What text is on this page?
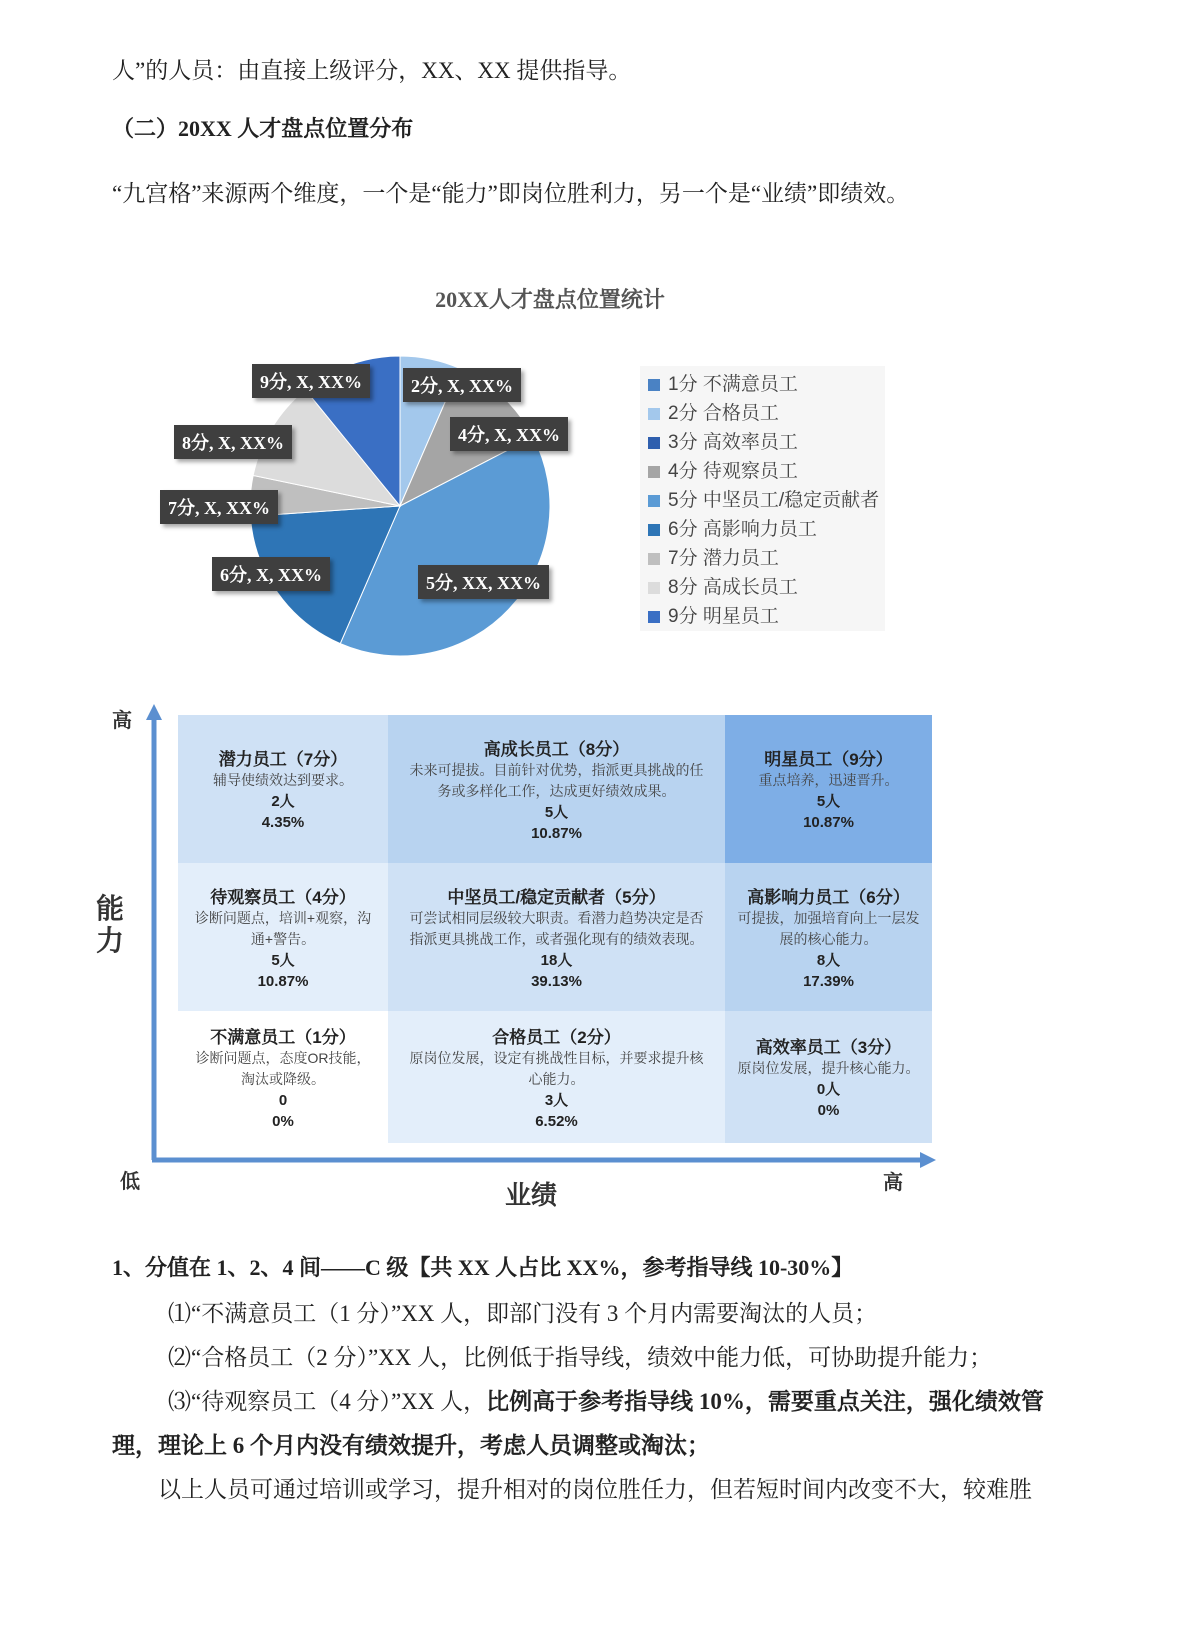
人”的人员：由直接上级评分，XX、XX 提供指导。
（二）20XX 人才盘点位置分布
“九宫格”来源两个维度，一个是“能力”即岗位胜利力，另一个是“业绩”即绩效。
20XX人才盘点位置统计
9分, X, XX%	2分, X, XX%
4分, X, XX%
8分, X, XX%
7分, X, XX%
6分, X, XX%	5分, XX, XX%
1分 不满意员工
2分 合格员工
3分 高效率员工
4分 待观察员工
5分 中坚员工/稳定贡献者
6分 高影响力员工
7分 潜力员工
8分 高成长员工
9分 明星员工
高
能力
低	高
业绩
潜力员工（7分）
辅导使绩效达到要求。
2人
4.35%
高成长员工（8分）
未来可提拔。目前针对优势，指派更具挑战的任
务或多样化工作，达成更好绩效成果。
5人
10.87%
明星员工（9分）
重点培养，迅速晋升。
5人
10.87%
待观察员工（4分）
诊断问题点，培训+观察，沟
通+警告。
5人
10.87%
中坚员工/稳定贡献者（5分）
可尝试相同层级较大职责。看潜力趋势决定是否
指派更具挑战工作，或者强化现有的绩效表现。
18人
39.13%
高影响力员工（6分）
可提拔，加强培育向上一层发
展的核心能力。
8人
17.39%
不满意员工（1分）
诊断问题点，态度OR技能，
淘汰或降级。
0
0%
合格员工（2分）
原岗位发展，设定有挑战性目标，并要求提升核
心能力。
3人
6.52%
高效率员工（3分）
原岗位发展，提升核心能力。
0人
0%
1、分值在 1、2、4 间——C 级【共 XX 人占比 XX%，参考指导线 10-30%】
⑴“不满意员工（1 分）”XX 人，即部门没有 3 个月内需要淘汰的人员；
⑵“合格员工（2 分）”XX 人，比例低于指导线，绩效中能力低，可协助提升能力；
⑶“待观察员工（4 分）”XX 人，比例高于参考指导线 10%，需要重点关注，强化绩效管
理，理论上 6 个月内没有绩效提升，考虑人员调整或淘汰；
以上人员可通过培训或学习，提升相对的岗位胜任力，但若短时间内改变不大，较难胜
